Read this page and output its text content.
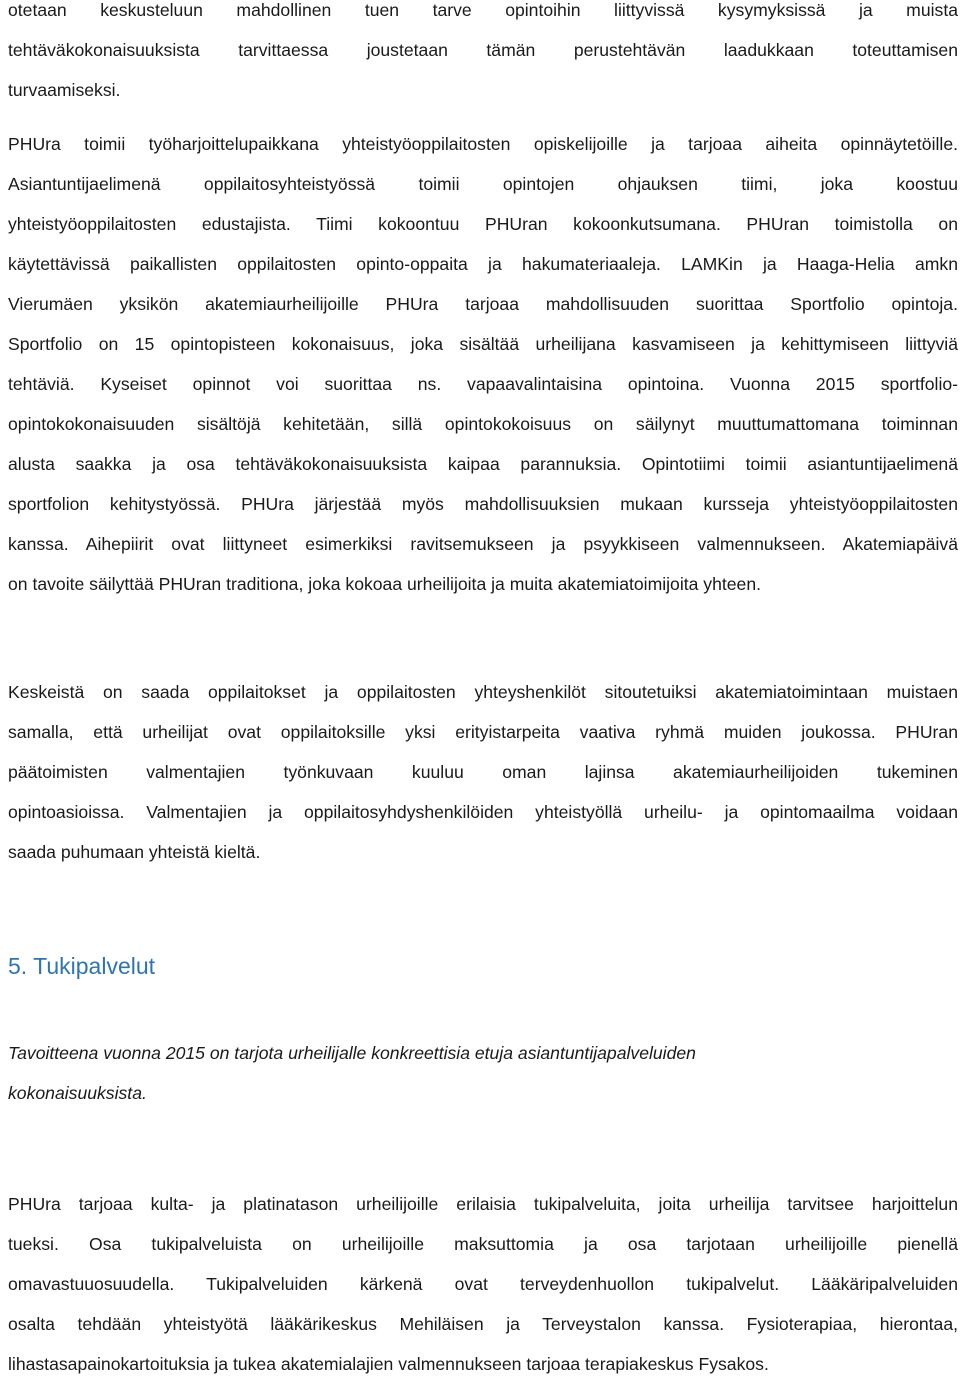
otetaan keskusteluun mahdollinen tuen tarve opintoihin liittyvissä kysymyksissä ja muista
tehtäväkokonaisuuksista tarvittaessa joustetaan tämän perustehtävän laadukkaan toteuttamisen
turvaamiseksi.

PHUra toimii työharjoittelupaikkana yhteistyöoppilaitosten opiskelijoille ja tarjoaa aiheita opinnäytetöille.
Asiantuntijaelimenä oppilaitosyhteistyössä toimii opintojen ohjauksen tiimi, joka koostuu
yhteistyöoppilaitosten edustajista. Tiimi kokoontuu PHUran kokoonkutsumana. PHUran toimistolla on
käytettävissä paikallisten oppilaitosten opinto-oppaita ja hakumateriaaleja. LAMKin ja Haaga-Helia amkn
Vierumäen yksikön akatemiaurheilijoille PHUra tarjoaa mahdollisuuden suorittaa Sportfolio opintoja.
Sportfolio on 15 opintopisteen kokonaisuus, joka sisältää urheilijana kasvamiseen ja kehittymiseen liittyviä
tehtäviä. Kyseiset opinnot voi suorittaa ns. vapaavalintaisina opintoina. Vuonna 2015 sportfolio-
opintokokonaisuuden sisältöjä kehitetään, sillä opintokokoisuus on säilynyt muuttumattomana toiminnan
alusta saakka ja osa tehtäväkokonaisuuksista kaipaa parannuksia. Opintotiimi toimii asiantuntijaelimenä
sportfolion kehitystyössä. PHUra järjestää myös mahdollisuuksien mukaan kursseja yhteistyöoppilaitosten
kanssa. Aihepiirit ovat liittyneet esimerkiksi ravitsemukseen ja psyykkiseen valmennukseen. Akatemiapäivä
on tavoite säilyttää PHUran traditiona, joka kokoaa urheilijoita ja muita akatemiatoimijoita yhteen.

Keskeistä on saada oppilaitokset ja oppilaitosten yhteyshenkilöt sitoutetuiksi akatemiatoimintaan muistaen
samalla, että urheilijat ovat oppilaitoksille yksi erityistarpeita vaativa ryhmä muiden joukossa. PHUran
päätoimisten valmentajien työnkuvaan kuuluu oman lajinsa akatemiaurheilijoiden tukeminen
opintoasioissa. Valmentajien ja oppilaitosyhdyshenkilöiden yhteistyöllä urheilu- ja opintomaailma voidaan
saada puhumaan yhteistä kieltä.

5. Tukipalvelut

Tavoitteena vuonna 2015 on tarjota urheilijalle konkreettisia etuja asiantuntijapalveluiden
kokonaisuuksista.

PHUra tarjoaa kulta- ja platinatason urheilijoille erilaisia tukipalveluita, joita urheilija tarvitsee harjoittelun
tueksi. Osa tukipalveluista on urheilijoille maksuttomia ja osa tarjotaan urheilijoille pienellä
omavastuuosuudella. Tukipalveluiden kärkenä ovat terveydenhuollon tukipalvelut. Lääkäripalveluiden
osalta tehdään yhteistyötä lääkärikeskus Mehiläisen ja Terveystalon kanssa. Fysioterapiaa, hierontaa,
lihastasapainokartoituksia ja tukea akatemialajien valmennukseen tarjoaa terapiakeskus Fysakos.
